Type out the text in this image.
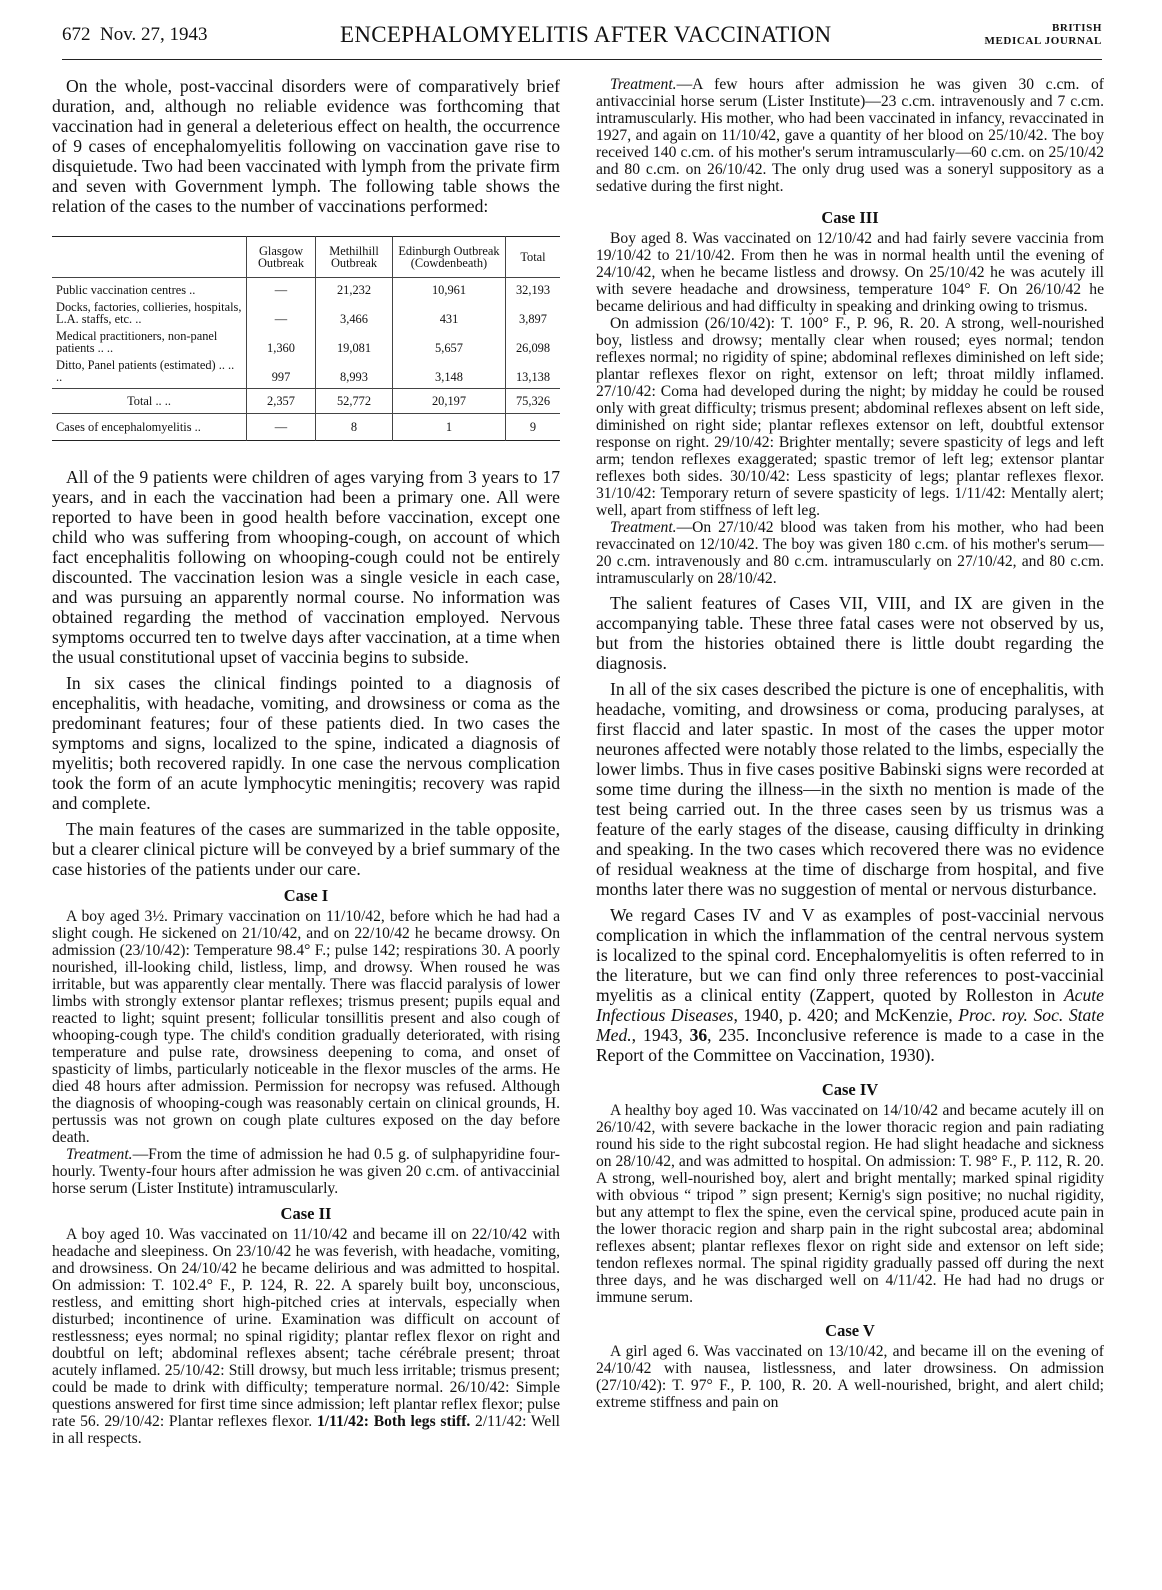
672 Nov. 27, 1943	ENCEPHALOMYELITIS AFTER VACCINATION	BRITISH
MEDICAL JOURNAL

On the whole, post-vaccinal disorders were of comparatively brief duration, and, although no reliable evidence was forthcoming that vaccination had in general a deleterious effect on health, the occurrence of 9 cases of encephalomyelitis following on vaccination gave rise to disquietude. Two had been vaccinated with lymph from the private firm and seven with Government lymph. The following table shows the relation of the cases to the number of vaccinations performed:

	Glasgow Outbreak	Methilhill Outbreak	Edinburgh Outbreak (Cowdenbeath)	Total
Public vaccination centres ..	—	21,232	10,961	32,193
Docks, factories, collieries, hospitals, L.A. staffs, etc. ..	—	3,466	431	3,897
Medical practitioners, non-panel patients .. ..	1,360	19,081	5,657	26,098
Ditto, Panel patients (estimated) .. .. ..	997	8,993	3,148	13,138
Total .. ..	2,357	52,772	20,197	75,326
Cases of encephalomyelitis ..	—	8	1	9

All of the 9 patients were children of ages varying from 3 years to 17 years, and in each the vaccination had been a primary one. All were reported to have been in good health before vaccination, except one child who was suffering from whooping-cough, on account of which fact encephalitis following on whooping-cough could not be entirely discounted. The vaccination lesion was a single vesicle in each case, and was pursuing an apparently normal course. No information was obtained regarding the method of vaccination employed. Nervous symptoms occurred ten to twelve days after vaccination, at a time when the usual constitutional upset of vaccinia begins to subside.

In six cases the clinical findings pointed to a diagnosis of encephalitis, with headache, vomiting, and drowsiness or coma as the predominant features; four of these patients died. In two cases the symptoms and signs, localized to the spine, indicated a diagnosis of myelitis; both recovered rapidly. In one case the nervous complication took the form of an acute lymphocytic meningitis; recovery was rapid and complete.

The main features of the cases are summarized in the table opposite, but a clearer clinical picture will be conveyed by a brief summary of the case histories of the patients under our care.

Case I

A boy aged 3½. Primary vaccination on 11/10/42, before which he had had a slight cough. He sickened on 21/10/42, and on 22/10/42 he became drowsy. On admission (23/10/42): Temperature 98.4° F.; pulse 142; respirations 30. A poorly nourished, ill-looking child, listless, limp, and drowsy. When roused he was irritable, but was apparently clear mentally. There was flaccid paralysis of lower limbs with strongly extensor plantar reflexes; trismus present; pupils equal and reacted to light; squint present; follicular tonsillitis present and also cough of whooping-cough type. The child's condition gradually deteriorated, with rising temperature and pulse rate, drowsiness deepening to coma, and onset of spasticity of limbs, particularly noticeable in the flexor muscles of the arms. He died 48 hours after admission. Permission for necropsy was refused. Although the diagnosis of whooping-cough was reasonably certain on clinical grounds, H. pertussis was not grown on cough plate cultures exposed on the day before death.

Treatment.—From the time of admission he had 0.5 g. of sulphapyridine four-hourly. Twenty-four hours after admission he was given 20 c.cm. of antivaccinial horse serum (Lister Institute) intramuscularly.

Case II

A boy aged 10. Was vaccinated on 11/10/42 and became ill on 22/10/42 with headache and sleepiness. On 23/10/42 he was feverish, with headache, vomiting, and drowsiness. On 24/10/42 he became delirious and was admitted to hospital. On admission: T. 102.4° F., P. 124, R. 22. A sparely built boy, unconscious, restless, and emitting short high-pitched cries at intervals, especially when disturbed; incontinence of urine. Examination was difficult on account of restlessness; eyes normal; no spinal rigidity; plantar reflex flexor on right and doubtful on left; abdominal reflexes absent; tache cérébrale present; throat acutely inflamed. 25/10/42: Still drowsy, but much less irritable; trismus present; could be made to drink with difficulty; temperature normal. 26/10/42: Simple questions answered for first time since admission; left plantar reflex flexor; pulse rate 56. 29/10/42: Plantar reflexes flexor. 1/11/42: Both legs stiff. 2/11/42: Well in all respects.

Treatment.—A few hours after admission he was given 30 c.cm. of antivaccinial horse serum (Lister Institute)—23 c.cm. intravenously and 7 c.cm. intramuscularly. His mother, who had been vaccinated in infancy, revaccinated in 1927, and again on 11/10/42, gave a quantity of her blood on 25/10/42. The boy received 140 c.cm. of his mother's serum intramuscularly—60 c.cm. on 25/10/42 and 80 c.cm. on 26/10/42. The only drug used was a soneryl suppository as a sedative during the first night.

Case III

Boy aged 8. Was vaccinated on 12/10/42 and had fairly severe vaccinia from 19/10/42 to 21/10/42. From then he was in normal health until the evening of 24/10/42, when he became listless and drowsy. On 25/10/42 he was acutely ill with severe headache and drowsiness, temperature 104° F. On 26/10/42 he became delirious and had difficulty in speaking and drinking owing to trismus.

On admission (26/10/42): T. 100° F., P. 96, R. 20. A strong, well-nourished boy, listless and drowsy; mentally clear when roused; eyes normal; tendon reflexes normal; no rigidity of spine; abdominal reflexes diminished on left side; plantar reflexes flexor on right, extensor on left; throat mildly inflamed. 27/10/42: Coma had developed during the night; by midday he could be roused only with great difficulty; trismus present; abdominal reflexes absent on left side, diminished on right side; plantar reflexes extensor on left, doubtful extensor response on right. 29/10/42: Brighter mentally; severe spasticity of legs and left arm; tendon reflexes exaggerated; spastic tremor of left leg; extensor plantar reflexes both sides. 30/10/42: Less spasticity of legs; plantar reflexes flexor. 31/10/42: Temporary return of severe spasticity of legs. 1/11/42: Mentally alert; well, apart from stiffness of left leg.

Treatment.—On 27/10/42 blood was taken from his mother, who had been revaccinated on 12/10/42. The boy was given 180 c.cm. of his mother's serum—20 c.cm. intravenously and 80 c.cm. intramuscularly on 27/10/42, and 80 c.cm. intramuscularly on 28/10/42.

The salient features of Cases VII, VIII, and IX are given in the accompanying table. These three fatal cases were not observed by us, but from the histories obtained there is little doubt regarding the diagnosis.

In all of the six cases described the picture is one of encephalitis, with headache, vomiting, and drowsiness or coma, producing paralyses, at first flaccid and later spastic. In most of the cases the upper motor neurones affected were notably those related to the limbs, especially the lower limbs. Thus in five cases positive Babinski signs were recorded at some time during the illness—in the sixth no mention is made of the test being carried out. In the three cases seen by us trismus was a feature of the early stages of the disease, causing difficulty in drinking and speaking. In the two cases which recovered there was no evidence of residual weakness at the time of discharge from hospital, and five months later there was no suggestion of mental or nervous disturbance.

We regard Cases IV and V as examples of post-vaccinial nervous complication in which the inflammation of the central nervous system is localized to the spinal cord. Encephalomyelitis is often referred to in the literature, but we can find only three references to post-vaccinial myelitis as a clinical entity (Zappert, quoted by Rolleston in Acute Infectious Diseases, 1940, p. 420; and McKenzie, Proc. roy. Soc. State Med., 1943, 36, 235. Inconclusive reference is made to a case in the Report of the Committee on Vaccination, 1930).

Case IV

A healthy boy aged 10. Was vaccinated on 14/10/42 and became acutely ill on 26/10/42, with severe backache in the lower thoracic region and pain radiating round his side to the right subcostal region. He had slight headache and sickness on 28/10/42, and was admitted to hospital. On admission: T. 98° F., P. 112, R. 20. A strong, well-nourished boy, alert and bright mentally; marked spinal rigidity with obvious “ tripod ” sign present; Kernig's sign positive; no nuchal rigidity, but any attempt to flex the spine, even the cervical spine, produced acute pain in the lower thoracic region and sharp pain in the right subcostal area; abdominal reflexes absent; plantar reflexes flexor on right side and extensor on left side; tendon reflexes normal. The spinal rigidity gradually passed off during the next three days, and he was discharged well on 4/11/42. He had had no drugs or immune serum.

Case V

A girl aged 6. Was vaccinated on 13/10/42, and became ill on the evening of 24/10/42 with nausea, listlessness, and later drowsiness. On admission (27/10/42): T. 97° F., P. 100, R. 20. A well-nourished, bright, and alert child; extreme stiffness and pain on
